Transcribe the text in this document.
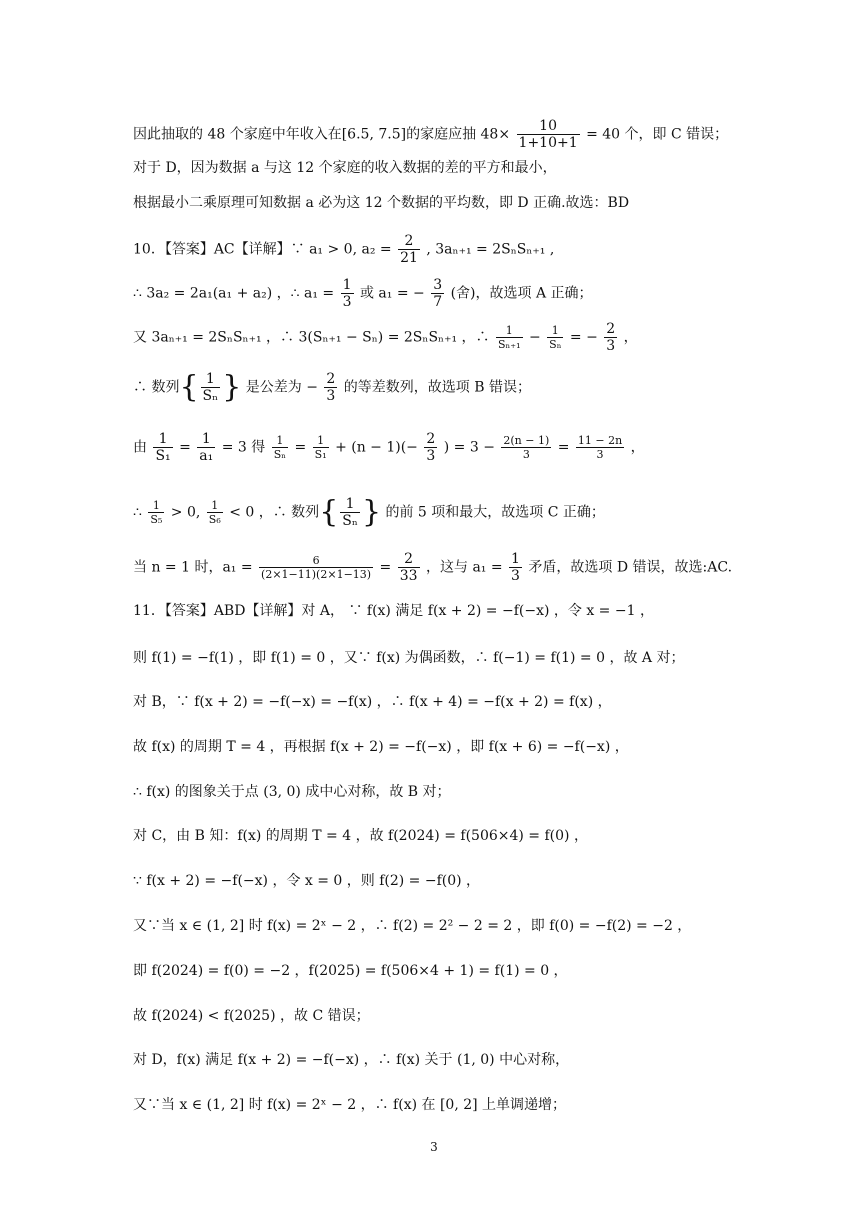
因此抽取的 48 个家庭中年收入在[6.5, 7.5]的家庭应抽 $48\times \frac{10}{1+10+1} = 40$ 个，即 C 错误；
对于 D，因为数据 a 与这 12 个家庭的收入数据的差的平方和最小，
根据最小二乘原理可知数据 a 必为这 12 个数据的平均数，即 D 正确.故选：BD
10．【答案】AC【详解】∵ a₁ > 0, $a_2 = \frac{2}{21}$ , 3aₙ₊₁ = 2SₙSₙ₊₁ ,
∴ 3a₂ = 2a₁(a₁ + a₂) ，∴ $a_1 = \frac{1}{3}$ 或 a₁ = − $\frac{3}{7}$ (舍)，故选项 A 正确；
又 3aₙ₊₁ = 2SₙSₙ₊₁ ，∴ 3(Sₙ₊₁ − Sₙ) = 2SₙSₙ₊₁ ，∴ $\frac{1}{\text{Sₙ₊₁}} - \frac{1}{\text{Sₙ}}$ = − $\frac{2}{3}$ ，
∴ 数列{ $\frac{1}{\text{Sₙ}}$ } 是公差为 − $\frac{2}{3}$ 的等差数列，故选项 B 错误；
由 $\frac{1}{\text{S₁}} = \frac{1}{\text{a₁}} = 3$ 得 $\frac{1}{\text{Sₙ}} = \frac{1}{\text{S₁}} + (n - 1)(- \frac{2}{3}$ ) = $3 - \frac{2(n - 1)}{3} = \frac{11 - 2n}{3}$ ，
∴ $\frac{1}{\text{S₅}} > 0$, $\frac{1}{\text{S₆}} < 0$ ，∴ 数列{ $\frac{1}{\text{Sₙ}}$ } 的前 5 项和最大，故选项 C 正确；
当 n = 1 时，$a_1 = \frac{6}{(2\times 1-11)(2\times 1-13)} = \frac{2}{33}$ ，这与 $a_1 = \frac{1}{3}$ 矛盾，故选项 D 错误，故选:AC.
11．【答案】ABD【详解】对 A， ∵ f(x) 满足 f(x + 2) = −f(−x) ，令 x = −1 ，
则 f(1) = −f(1) ，即 f(1) = 0 ，又∵ f(x) 为偶函数，∴ f(−1) = f(1) = 0 ，故 A 对；
对 B，∵ f(x + 2) = −f(−x) = −f(x) ，∴ f(x + 4) = −f(x + 2) = f(x) ，
故 f(x) 的周期 T = 4 ，再根据 f(x + 2) = −f(−x) ，即 f(x + 6) = −f(−x) ，
∴ f(x) 的图象关于点 (3, 0) 成中心对称，故 B 对；
对 C，由 B 知：f(x) 的周期 T = 4 ，故 f(2024) = f(506×4) = f(0) ，
∵ f(x + 2) = −f(−x) ，令 x = 0 ，则 f(2) = −f(0) ，
又∵当 x ∈ (1, 2] 时 f(x) = 2ˣ − 2 ，∴ f(2) = 2² − 2 = 2 ，即 f(0) = −f(2) = −2 ，
即 f(2024) = f(0) = −2 ，f(2025) = f(506×4 + 1) = f(1) = 0 ，
故 f(2024) < f(2025) ，故 C 错误；
对 D，f(x) 满足 f(x + 2) = −f(−x) ，∴ f(x) 关于 (1, 0) 中心对称，
又∵当 x ∈ (1, 2] 时 f(x) = 2ˣ − 2 ，∴ f(x) 在 [0, 2] 上单调递增；
3
